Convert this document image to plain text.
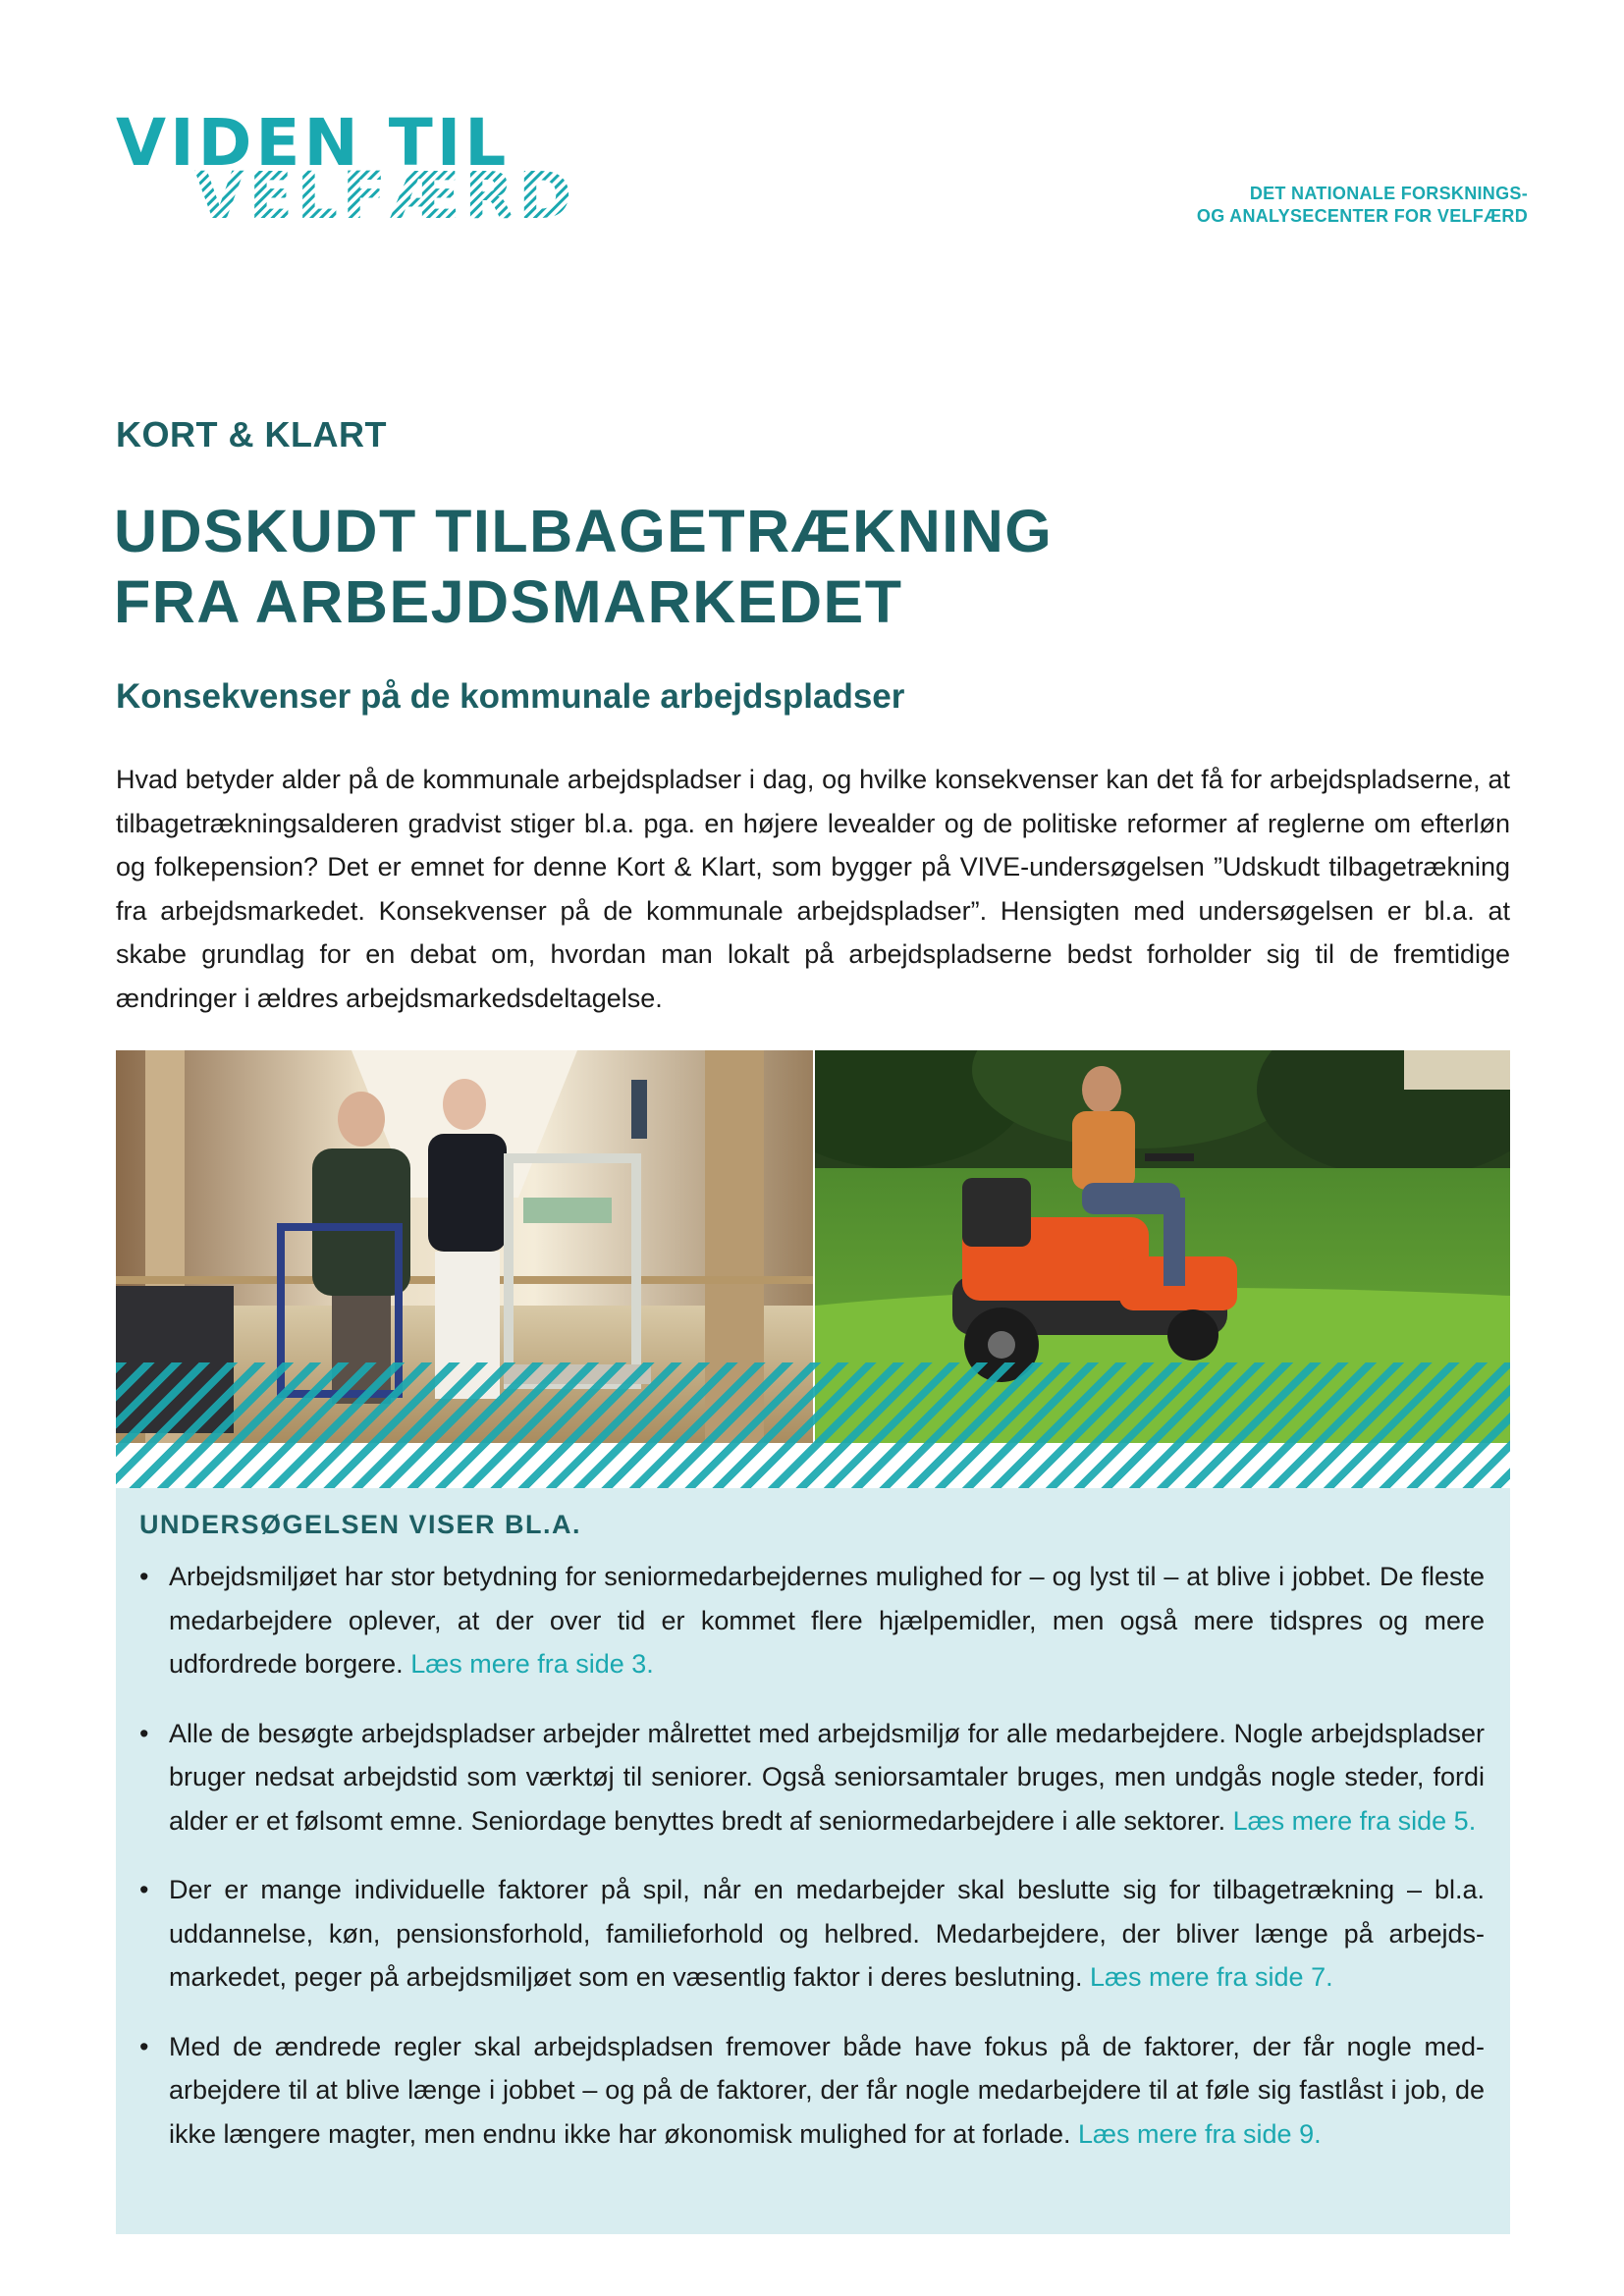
VIDEN TIL
VELFÆRD	DET NATIONALE FORSKNINGS-
OG ANALYSECENTER FOR VELFÆRD
KORT & KLART
UDSKUDT TILBAGETRÆKNING
FRA ARBEJDSMARKEDET
Konsekvenser på de kommunale arbejdspladser
Hvad betyder alder på de kommunale arbejdspladser i dag, og hvilke konsekvenser kan det få for arbejdspladserne, at tilbagetrækningsalderen gradvist stiger bl.a. pga. en højere levealder og de politiske reformer af reglerne om efterløn og folkepension? Det er emnet for denne Kort & Klart, som bygger på VIVE-undersøgelsen ”Udskudt tilbagetrækning fra arbejdsmarkedet. Konsekvenser på de kommunale arbejdspladser”. Hensigten med undersøgelsen er bl.a. at skabe grundlag for en debat om, hvordan man lokalt på arbejdspladserne bedst forholder sig til de fremtidige ændringer i ældres arbejdsmarkedsdeltagelse.
UNDERSØGELSEN VISER BL.A.
• Arbejdsmiljøet har stor betydning for seniormedarbejdernes mulighed for – og lyst til – at blive i jobbet. De fleste medarbejdere oplever, at der over tid er kommet flere hjælpemidler, men også mere tidspres og mere udfordrede borgere. Læs mere fra side 3.

• Alle de besøgte arbejdspladser arbejder målrettet med arbejdsmiljø for alle medarbejdere. Nogle arbejdspladser bruger nedsat arbejdstid som værktøj til seniorer. Også seniorsamtaler bruges, men undgås nogle steder, fordi alder er et følsomt emne. Seniordage benyttes bredt af seniormedarbejdere i alle sektorer. Læs mere fra side 5.

• Der er mange individuelle faktorer på spil, når en medarbejder skal beslutte sig for tilbagetrækning – bl.a. uddannelse, køn, pensionsforhold, familieforhold og helbred. Medarbejdere, der bliver længe på arbejdsmarkedet, peger på arbejdsmiljøet som en væsentlig faktor i deres beslutning. Læs mere fra side 7.

• Med de ændrede regler skal arbejdspladsen fremover både have fokus på de faktorer, der får nogle medarbejdere til at blive længe i jobbet – og på de faktorer, der får nogle medarbejdere til at føle sig fastlåst i job, de ikke længere magter, men endnu ikke har økonomisk mulighed for at forlade. Læs mere fra side 9.
